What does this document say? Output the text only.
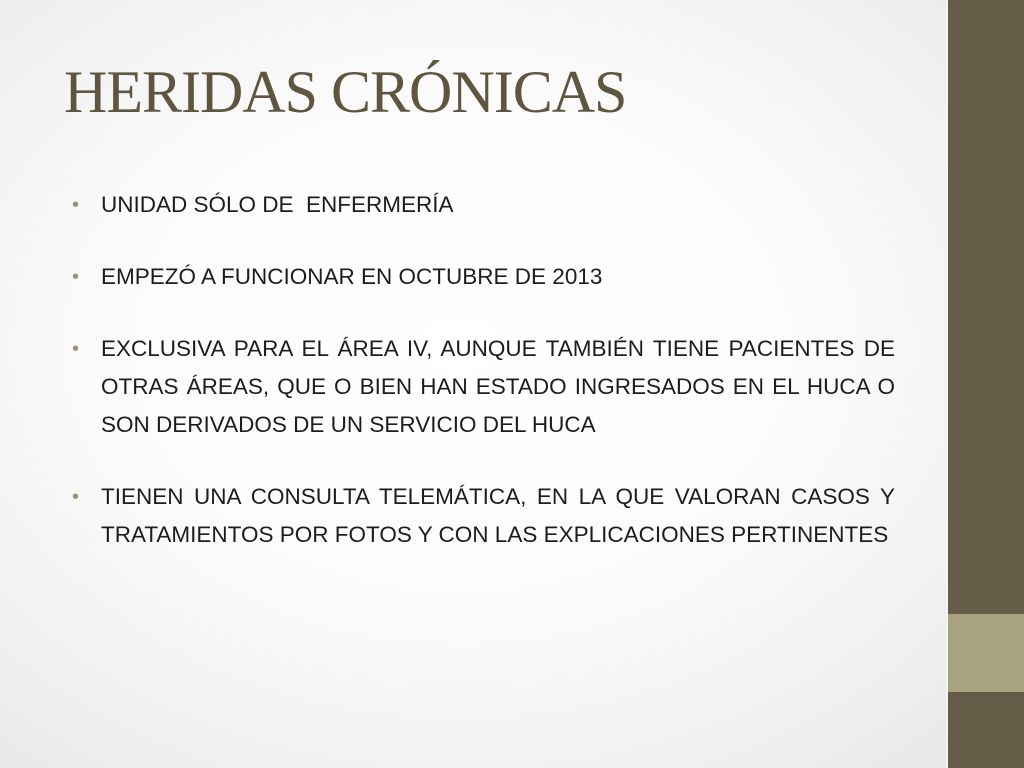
HERIDAS CRÓNICAS
• UNIDAD SÓLO DE  ENFERMERÍA
• EMPEZÓ A FUNCIONAR EN OCTUBRE DE 2013
• EXCLUSIVA PARA EL ÁREA IV, AUNQUE TAMBIÉN TIENE PACIENTES DE OTRAS ÁREAS, QUE O BIEN HAN ESTADO INGRESADOS EN EL HUCA O SON DERIVADOS DE UN SERVICIO DEL HUCA
• TIENEN UNA CONSULTA TELEMÁTICA, EN LA QUE VALORAN CASOS Y TRATAMIENTOS POR FOTOS Y CON LAS EXPLICACIONES PERTINENTES
